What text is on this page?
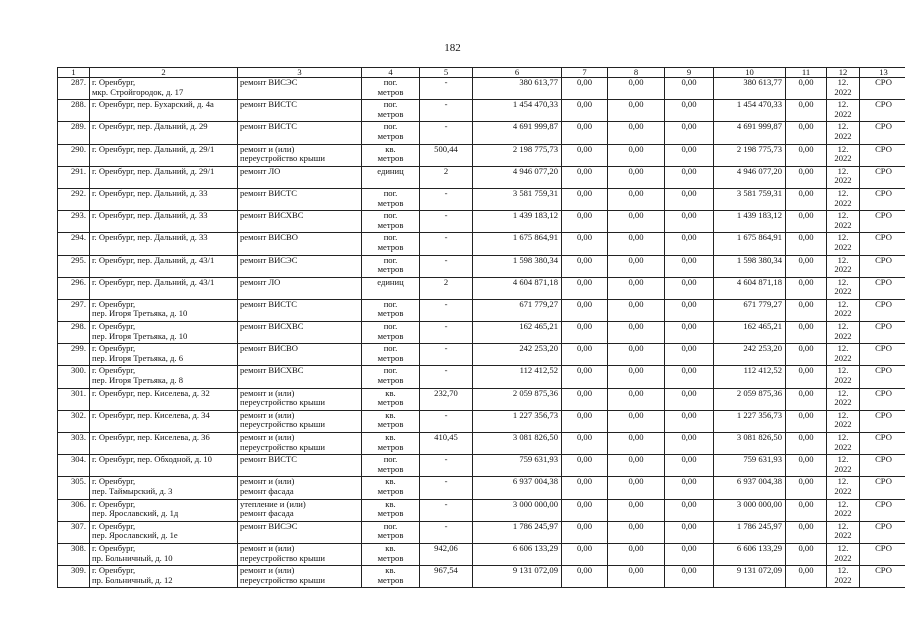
182
1	2	3	4	5	6	7	8	9	10	11	12	13
287.	г. Оренбург,
мкр. Стройгородок, д. 17	ремонт ВИСЭС	пог.
метров	-	380 613,77	0,00	0,00	0,00	380 613,77	0,00	12.
2022	СРО
288.	г. Оренбург, пер. Бухарский, д. 4а	ремонт ВИСТС	пог.
метров	-	1 454 470,33	0,00	0,00	0,00	1 454 470,33	0,00	12.
2022	СРО
289.	г. Оренбург, пер. Дальний, д. 29	ремонт ВИСТС	пог.
метров	-	4 691 999,87	0,00	0,00	0,00	4 691 999,87	0,00	12.
2022	СРО
290.	г. Оренбург, пер. Дальний, д. 29/1	ремонт и (или)
переустройство крыши	кв.
метров	500,44	2 198 775,73	0,00	0,00	0,00	2 198 775,73	0,00	12.
2022	СРО
291.	г. Оренбург, пер. Дальний, д. 29/1	ремонт ЛО	единиц	2	4 946 077,20	0,00	0,00	0,00	4 946 077,20	0,00	12.
2022	СРО
292.	г. Оренбург, пер. Дальний, д. 33	ремонт ВИСТС	пог.
метров	-	3 581 759,31	0,00	0,00	0,00	3 581 759,31	0,00	12.
2022	СРО
293.	г. Оренбург, пер. Дальний, д. 33	ремонт ВИСХВС	пог.
метров	-	1 439 183,12	0,00	0,00	0,00	1 439 183,12	0,00	12.
2022	СРО
294.	г. Оренбург, пер. Дальний, д. 33	ремонт ВИСВО	пог.
метров	-	1 675 864,91	0,00	0,00	0,00	1 675 864,91	0,00	12.
2022	СРО
295.	г. Оренбург, пер. Дальний, д. 43/1	ремонт ВИСЭС	пог.
метров	-	1 598 380,34	0,00	0,00	0,00	1 598 380,34	0,00	12.
2022	СРО
296.	г. Оренбург, пер. Дальний, д. 43/1	ремонт ЛО	единиц	2	4 604 871,18	0,00	0,00	0,00	4 604 871,18	0,00	12.
2022	СРО
297.	г. Оренбург,
пер. Игоря Третьяка, д. 10	ремонт ВИСТС	пог.
метров	-	671 779,27	0,00	0,00	0,00	671 779,27	0,00	12.
2022	СРО
298.	г. Оренбург,
пер. Игоря Третьяка, д. 10	ремонт ВИСХВС	пог.
метров	-	162 465,21	0,00	0,00	0,00	162 465,21	0,00	12.
2022	СРО
299.	г. Оренбург,
пер. Игоря Третьяка, д. 6	ремонт ВИСВО	пог.
метров	-	242 253,20	0,00	0,00	0,00	242 253,20	0,00	12.
2022	СРО
300.	г. Оренбург,
пер. Игоря Третьяка, д. 8	ремонт ВИСХВС	пог.
метров	-	112 412,52	0,00	0,00	0,00	112 412,52	0,00	12.
2022	СРО
301.	г. Оренбург, пер. Киселева, д. 32	ремонт и (или)
переустройство крыши	кв.
метров	232,70	2 059 875,36	0,00	0,00	0,00	2 059 875,36	0,00	12.
2022	СРО
302.	г. Оренбург, пер. Киселева, д. 34	ремонт и (или)
переустройство крыши	кв.
метров	-	1 227 356,73	0,00	0,00	0,00	1 227 356,73	0,00	12.
2022	СРО
303.	г. Оренбург, пер. Киселева, д. 36	ремонт и (или)
переустройство крыши	кв.
метров	410,45	3 081 826,50	0,00	0,00	0,00	3 081 826,50	0,00	12.
2022	СРО
304.	г. Оренбург, пер. Обходной, д. 10	ремонт ВИСТС	пог.
метров	-	759 631,93	0,00	0,00	0,00	759 631,93	0,00	12.
2022	СРО
305.	г. Оренбург,
пер. Таймырский, д. 3	ремонт и (или)
ремонт фасада	кв.
метров	-	6 937 004,38	0,00	0,00	0,00	6 937 004,38	0,00	12.
2022	СРО
306.	г. Оренбург,
пер. Ярославский, д. 1д	утепление и (или)
ремонт фасада	кв.
метров	-	3 000 000,00	0,00	0,00	0,00	3 000 000,00	0,00	12.
2022	СРО
307.	г. Оренбург,
пер. Ярославский, д. 1е	ремонт ВИСЭС	пог.
метров	-	1 786 245,97	0,00	0,00	0,00	1 786 245,97	0,00	12.
2022	СРО
308.	г. Оренбург,
пр. Больничный, д. 10	ремонт и (или)
переустройство крыши	кв.
метров	942,06	6 606 133,29	0,00	0,00	0,00	6 606 133,29	0,00	12.
2022	СРО
309.	г. Оренбург,
пр. Больничный, д. 12	ремонт и (или)
переустройство крыши	кв.
метров	967,54	9 131 072,09	0,00	0,00	0,00	9 131 072,09	0,00	12.
2022	СРО
